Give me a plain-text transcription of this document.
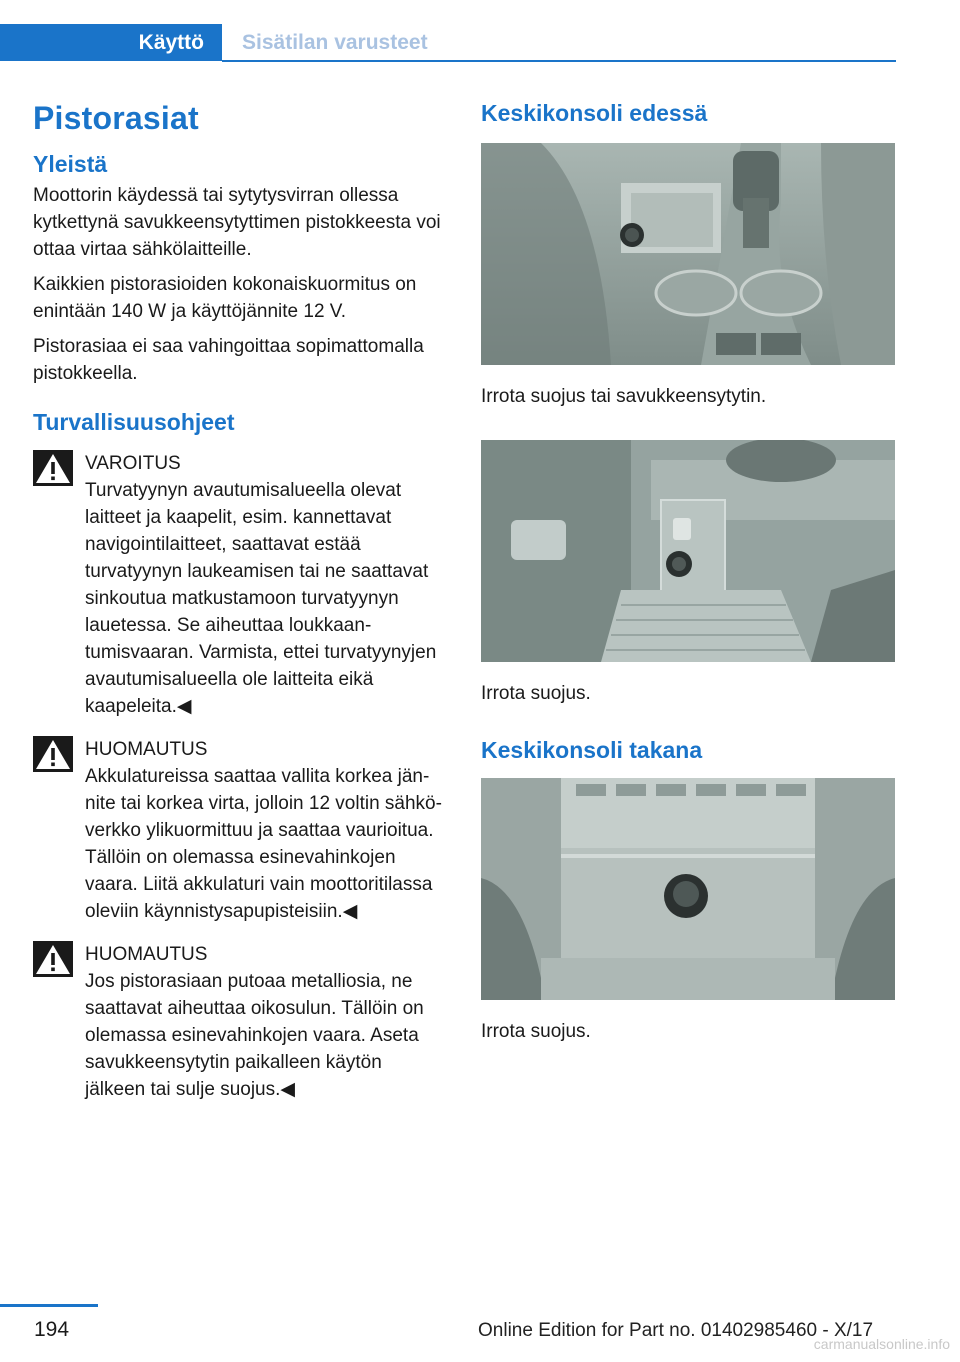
Käyttö	Sisätilan varusteet
Pistorasiat
Yleistä

Moottorin käydessä tai sytytysvirran ollessa kytkettynä savukkeensytyttimen pistokkeesta voi ottaa virtaa sähkölaitteille.

Kaikkien pistorasioiden kokonaiskuormitus on enintään 140 W ja käyttöjännite 12 V.

Pistorasiaa ei saa vahingoittaa sopimattomalla pistokkeella.

Turvallisuusohjeet
VAROITUS
Turvatyynyn avautumisalueella olevat laitteet ja kaapelit, esim. kannettavat navigointilaitteet, saattavat estää turvatyynyn laukeamisen tai ne saattavat sinkoutua matkustamoon turvatyynyn lauetessa. Se aiheuttaa loukkaantumisvaaran. Varmista, ettei turvatyynyjen avautumisalueella ole laitteita eikä kaapeleita.◀
HUOMAUTUS
Akkulatureissa saattaa vallita korkea jännite tai korkea virta, jolloin 12 voltin sähköverkko ylikuormittuu ja saattaa vaurioitua. Tällöin on olemassa esinevahinkojen vaara. Liitä akkulaturi vain moottoritilassa oleviin käynnistysapupisteisiin.◀
HUOMAUTUS
Jos pistorasiaan putoaa metalliosia, ne saattavat aiheuttaa oikosulun. Tällöin on olemassa esinevahinkojen vaara. Aseta savukkeensytytin paikalleen käytön jälkeen tai sulje suojus.◀
Keskikonsoli edessä
Irrota suojus tai savukkeensytytin.
Irrota suojus.
Keskikonsoli takana
Irrota suojus.
194	Online Edition for Part no. 01402985460 - X/17
carmanualsonline.info
